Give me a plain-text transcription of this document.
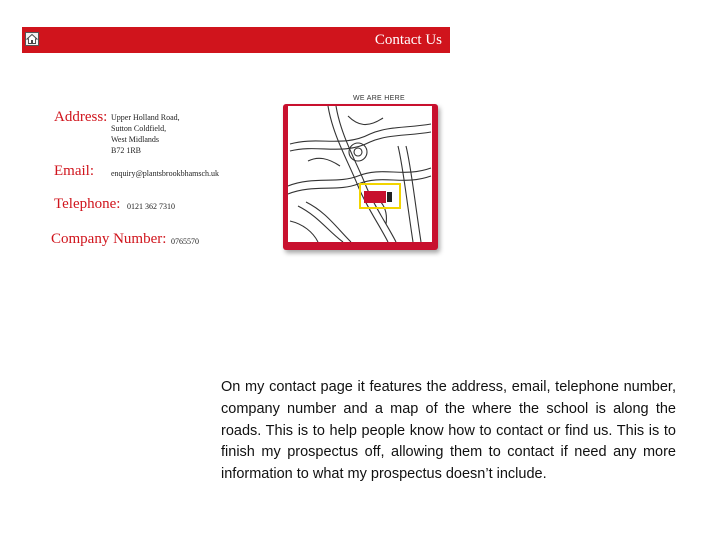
Contact Us
Address: Upper Holland Road,
Sutton Coldfield,
West Midlands
B72 1RB
Email: enquiry@plantsbrookbhamsch.uk
Telephone: 0121 362 7310
Company Number: 0765570
WE ARE HERE
On my contact page it features the address, email, telephone number, company number and a map of the where the school is along the roads. This is to help people know how to contact or find us. This is to finish my prospectus off, allowing them to contact if need any more information to what my prospectus doesn’t include.
